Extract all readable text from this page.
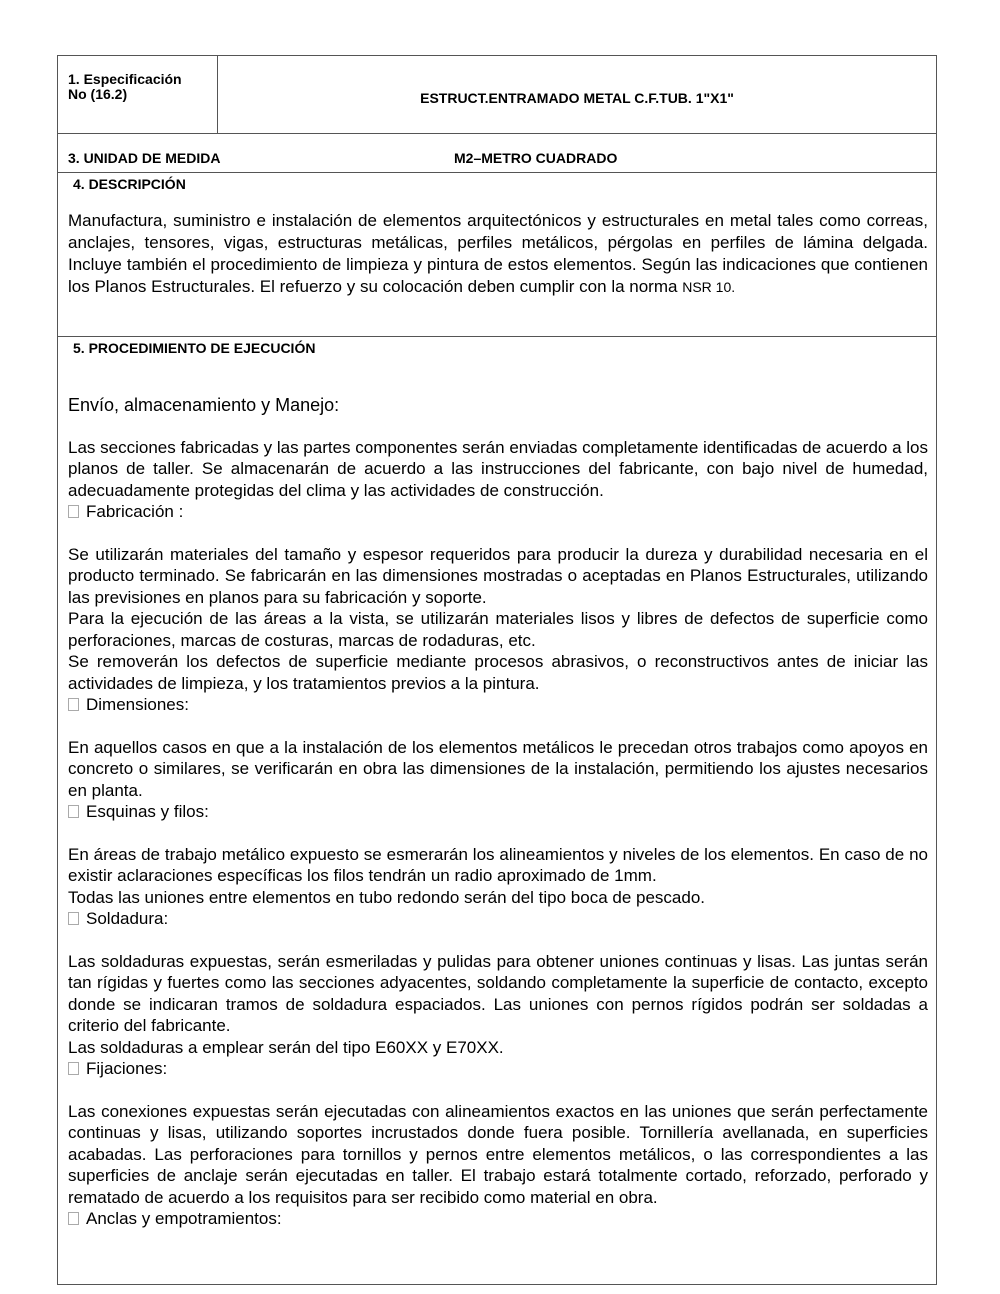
1. Especificación
No (16.2)	ESTRUCT.ENTRAMADO METAL C.F.TUB. 1"X1"
3. UNIDAD DE MEDIDA	M2–METRO CUADRADO
4. DESCRIPCIÓN
Manufactura, suministro e instalación de elementos arquitectónicos y estructurales en metal tales como correas, anclajes, tensores, vigas, estructuras metálicas, perfiles metálicos, pérgolas en perfiles de lámina delgada. Incluye también el procedimiento de limpieza y pintura de estos elementos. Según las indicaciones que contienen los Planos Estructurales. El refuerzo y su colocación deben cumplir con la norma NSR 10.
5. PROCEDIMIENTO DE EJECUCIÓN

Envío, almacenamiento y Manejo:

Las secciones fabricadas y las partes componentes serán enviadas completamente identificadas de acuerdo a los planos de taller. Se almacenarán de acuerdo a las instrucciones del fabricante, con bajo nivel de humedad, adecuadamente protegidas del clima y las actividades de construcción.

Fabricación :

Se utilizarán materiales del tamaño y espesor requeridos para producir la dureza y durabilidad necesaria en el producto terminado. Se fabricarán en las dimensiones mostradas o aceptadas en Planos Estructurales, utilizando las previsiones en planos para su fabricación y soporte.

Para la ejecución de las áreas a la vista, se utilizarán materiales lisos y libres de defectos de superficie como perforaciones, marcas de costuras, marcas de rodaduras, etc.

Se removerán los defectos de superficie mediante procesos abrasivos, o reconstructivos antes de iniciar las actividades de limpieza, y los tratamientos previos a la pintura.

Dimensiones:

En aquellos casos en que a la instalación de los elementos metálicos le precedan otros trabajos como apoyos en concreto o similares, se verificarán en obra las dimensiones de la instalación, permitiendo los ajustes necesarios en planta.

Esquinas y filos:

En áreas de trabajo metálico expuesto se esmerarán los alineamientos y niveles de los elementos. En caso de no existir aclaraciones específicas los filos tendrán un radio aproximado de 1mm.

Todas las uniones entre elementos en tubo redondo serán del tipo boca de pescado.

Soldadura:

Las soldaduras expuestas, serán esmeriladas y pulidas para obtener uniones continuas y lisas. Las juntas serán tan rígidas y fuertes como las secciones adyacentes, soldando completamente la superficie de contacto, excepto donde se indicaran tramos de soldadura espaciados. Las uniones con pernos rígidos podrán ser soldadas a criterio del fabricante.

Las soldaduras a emplear serán del tipo E60XX y E70XX.

Fijaciones:

Las conexiones expuestas serán ejecutadas con alineamientos exactos en las uniones que serán perfectamente continuas y lisas, utilizando soportes incrustados donde fuera posible. Tornillería avellanada, en superficies acabadas. Las perforaciones para tornillos y pernos entre elementos metálicos, o las correspondientes a las superficies de anclaje serán ejecutadas en taller. El trabajo estará totalmente cortado, reforzado, perforado y rematado de acuerdo a los requisitos para ser recibido como material en obra.

Anclas y empotramientos:
